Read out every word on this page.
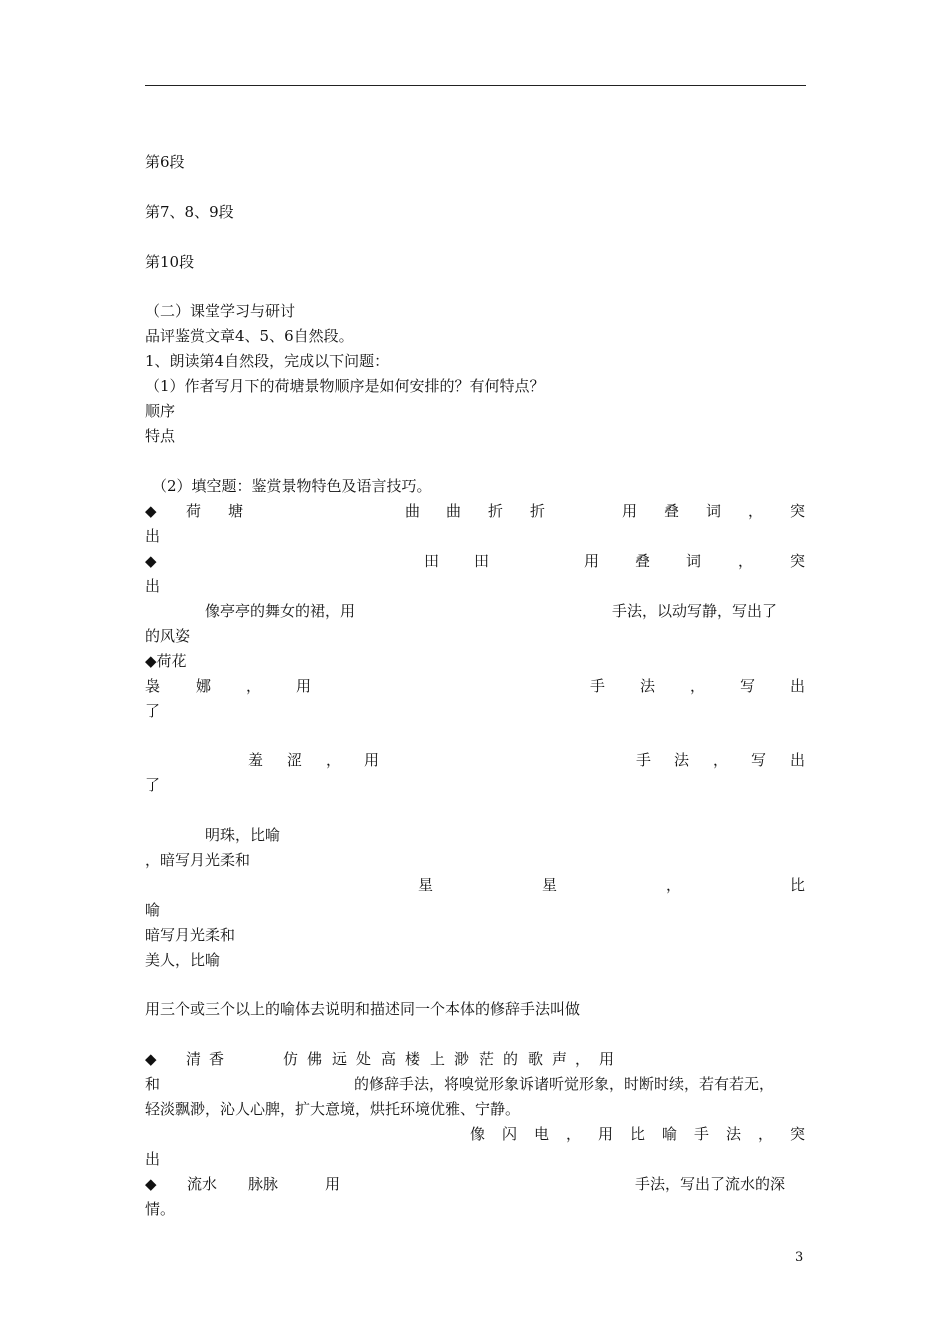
第6段
第7、8、9段
第10段
（二）课堂学习与研讨
品评鉴赏文章4、5、6自然段。
1、朗读第4自然段，完成以下问题：
（1）作者写月下的荷塘景物顺序是如何安排的？有何特点？
顺序
特点
（2）填空题：鉴赏景物特色及语言技巧。
◆ 荷 塘	曲 曲 折 折	用 叠 词 ， 突
出
◆	田 田	用 叠 词 ， 突
出
像亭亭的舞女的裙，用	手法，以动写静，写出了
的风姿
◆荷花
袅 娜 ， 用	手 法 ， 写 出
了
羞 涩 ， 用	手 法 ， 写 出
了
明珠，比喻
，暗写月光柔和
星	星	，	比
喻
暗写月光柔和
美人，比喻
用三个或三个以上的喻体去说明和描述同一个本体的修辞手法叫做
◆ 清 香	仿 佛 远 处 高 楼 上 渺 茫 的 歌 声 ， 用
和	的修辞手法，将嗅觉形象诉诸听觉形象，时断时续，若有若无，
轻淡飘渺，沁人心脾，扩大意境，烘托环境优雅、宁静。
像 闪 电 ， 用 比 喻 手 法 ， 突
出
◆ 流水 脉脉	用	手法，写出了流水的深
情。
3
